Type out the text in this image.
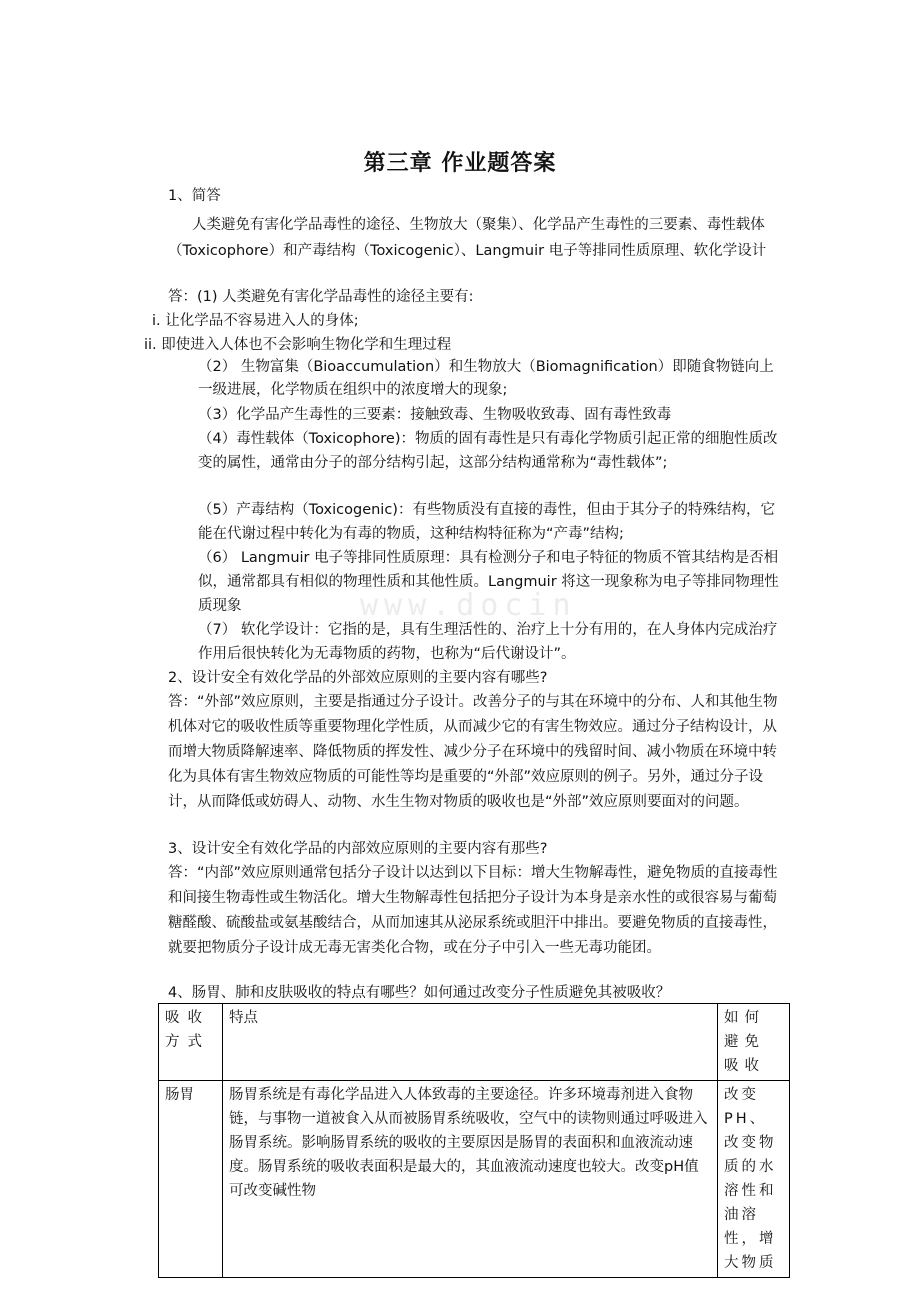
第三章 作业题答案
1、简答
人类避免有害化学品毒性的途径、生物放大（聚集）、化学品产生毒性的三要素、毒性载体（Toxicophore）和产毒结构（Toxicogenic）、Langmuir 电子等排同性质原理、软化学设计
答：(1) 人类避免有害化学品毒性的途径主要有:
i. 让化学品不容易进入人的身体;
ii. 即使进入人体也不会影响生物化学和生理过程
（2） 生物富集（Bioaccumulation）和生物放大（Biomagnification）即随食物链向上一级进展，化学物质在组织中的浓度增大的现象;
（3）化学品产生毒性的三要素：接触致毒、生物吸收致毒、固有毒性致毒
（4）毒性载体（Toxicophore)：物质的固有毒性是只有毒化学物质引起正常的细胞性质改变的属性，通常由分子的部分结构引起，这部分结构通常称为“毒性载体”;
（5）产毒结构（Toxicogenic)：有些物质没有直接的毒性，但由于其分子的特殊结构，它能在代谢过程中转化为有毒的物质，这种结构特征称为“产毒”结构;
（6） Langmuir 电子等排同性质原理：具有检测分子和电子特征的物质不管其结构是否相似，通常都具有相似的物理性质和其他性质。Langmuir 将这一现象称为电子等排同物理性质现象
（7） 软化学设计：它指的是，具有生理活性的、治疗上十分有用的，在人身体内完成治疗作用后很快转化为无毒物质的药物，也称为“后代谢设计”。
www.docin
2、设计安全有效化学品的外部效应原则的主要内容有哪些?
答：“外部”效应原则，主要是指通过分子设计。改善分子的与其在环境中的分布、人和其他生物机体对它的吸收性质等重要物理化学性质，从而减少它的有害生物效应。通过分子结构设计，从而增大物质降解速率、降低物质的挥发性、减少分子在环境中的残留时间、减小物质在环境中转化为具体有害生物效应物质的可能性等均是重要的“外部”效应原则的例子。另外，通过分子设计，从而降低或妨碍人、动物、水生生物对物质的吸收也是“外部”效应原则要面对的问题。
3、设计安全有效化学品的内部效应原则的主要内容有那些?
答：“内部”效应原则通常包括分子设计以达到以下目标：增大生物解毒性，避免物质的直接毒性和间接生物毒性或生物活化。增大生物解毒性包括把分子设计为本身是亲水性的或很容易与葡萄糖醛酸、硫酸盐或氨基酸结合，从而加速其从泌尿系统或胆汗中排出。要避免物质的直接毒性，就要把物质分子设计成无毒无害类化合物，或在分子中引入一些无毒功能团。
4、肠胃、肺和皮肤吸收的特点有哪些？如何通过改变分子性质避免其被吸收？
吸收方式	特点	如何避免吸收
肠胃	肠胃系统是有毒化学品进入人体致毒的主要途径。许多环境毒剂进入食物链，与事物一道被食入从而被肠胃系统吸收，空气中的读物则通过呼吸进入肠胃系统。影响肠胃系统的吸收的主要原因是肠胃的表面积和血液流动速度。肠胃系统的吸收表面积是最大的，其血液流动速度也较大。改变pH值可改变碱性物	改变PH、改变物质的水溶性和油溶性，增大物质
